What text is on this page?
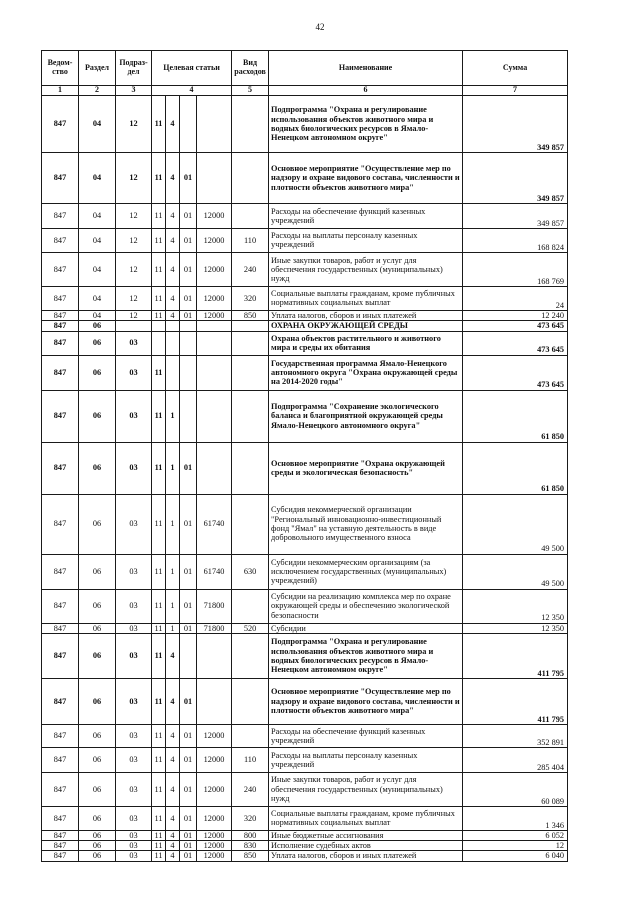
42
Ведом-ство	Раздел	Подраз-дел	Целевая статьи				Вид расходов	Наименование	Сумма
1	2	3	4				5	6	7
847	04	12	11	4				Подпрограмма "Охрана и регулирование использования объектов животного мира и водных биологических ресурсов в Ямало-Ненецком автономном округе"	349 857
847	04	12	11	4	01			Основное мероприятие "Осуществление мер по надзору и охране видового состава, численности и плотности объектов животного мира"	349 857
847	04	12	11	4	01	12000		Расходы на обеспечение функций казенных учреждений	349 857
847	04	12	11	4	01	12000	110	Расходы на выплаты персоналу казенных учреждений	168 824
847	04	12	11	4	01	12000	240	Иные закупки товаров, работ и услуг для обеспечения государственных (муниципальных) нужд	168 769
847	04	12	11	4	01	12000	320	Социальные выплаты гражданам, кроме публичных нормативных социальных выплат	24
847	04	12	11	4	01	12000	850	Уплата налогов, сборов и иных платежей	12 240
847	06							ОХРАНА ОКРУЖАЮЩЕЙ СРЕДЫ	473 645
847	06	03						Охрана объектов растительного и животного мира и среды их обитания	473 645
847	06	03	11					Государственная программа Ямало-Ненецкого автономного округа "Охрана окружающей среды на 2014-2020 годы"	473 645
847	06	03	11	1				Подпрограмма "Сохранение экологического баланса и благоприятной окружающей среды Ямало-Ненецкого автономного округа"	61 850
847	06	03	11	1	01			Основное мероприятие "Охрана окружающей среды и экологическая безопасность"	61 850
847	06	03	11	1	01	61740		Субсидия некоммерческой организации "Региональный инновационно-инвестиционный фонд "Ямал" на уставную деятельность в виде добровольного имущественного взноса	49 500
847	06	03	11	1	01	61740	630	Субсидии некоммерческим организациям (за исключением государственных (муниципальных) учреждений)	49 500
847	06	03	11	1	01	71800		Субсидии на реализацию комплекса мер по охране окружающей среды и обеспечению экологической безопасности	12 350
847	06	03	11	1	01	71800	520	Субсидии	12 350
847	06	03	11	4				Подпрограмма "Охрана и регулирование использования объектов животного мира и водных биологических ресурсов в Ямало-Ненецком автономном округе"	411 795
847	06	03	11	4	01			Основное мероприятие "Осуществление мер по надзору и охране видового состава, численности и плотности объектов животного мира"	411 795
847	06	03	11	4	01	12000		Расходы на обеспечение функций казенных учреждений	352 891
847	06	03	11	4	01	12000	110	Расходы на выплаты персоналу казенных учреждений	285 404
847	06	03	11	4	01	12000	240	Иные закупки товаров, работ и услуг для обеспечения государственных (муниципальных) нужд	60 089
847	06	03	11	4	01	12000	320	Социальные выплаты гражданам, кроме публичных нормативных социальных выплат	1 346
847	06	03	11	4	01	12000	800	Иные бюджетные ассигнования	6 052
847	06	03	11	4	01	12000	830	Исполнение судебных актов	12
847	06	03	11	4	01	12000	850	Уплата налогов, сборов и иных платежей	6 040
